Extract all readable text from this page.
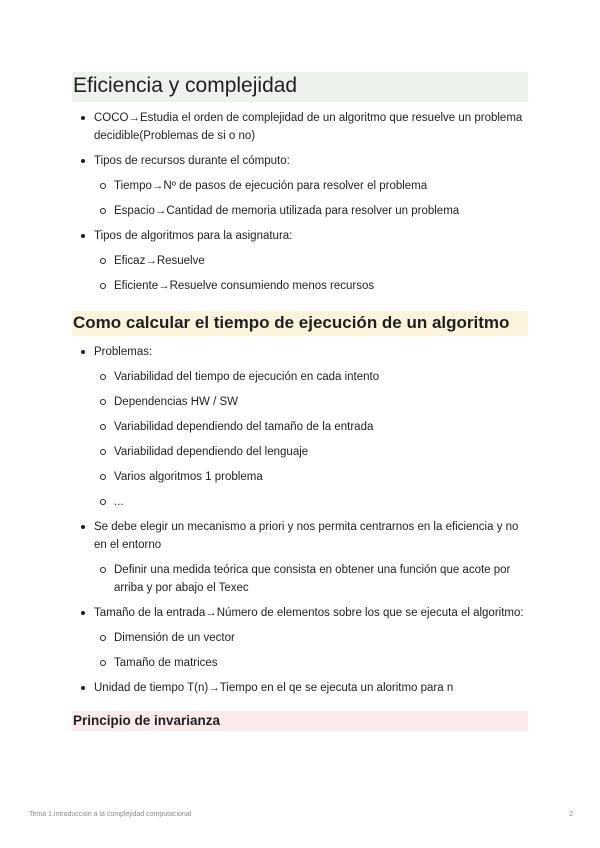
Eficiencia y complejidad
COCO→Estudia el orden de complejidad de un algoritmo que resuelve un problema decidible(Problemas de si o no)
Tipos de recursos durante el cómputo:
Tiempo→Nº de pasos de ejecución para resolver el problema
Espacio→Cantidad de memoria utilizada para resolver un problema
Tipos de algoritmos para la asignatura:
Eficaz→Resuelve
Eficiente→Resuelve consumiendo menos recursos
Como calcular el tiempo de ejecución de un algoritmo
Problemas:
Variabilidad del tiempo de ejecución en cada intento
Dependencias HW / SW
Variabilidad dependiendo del tamaño de la entrada
Variabilidad dependiendo del lenguaje
Varios algoritmos 1 problema
...
Se debe elegir un mecanismo a priori y nos permita centrarnos en la eficiencia y no en el entorno
Definir una medida teórica que consista en obtener una función que acote por arriba y por abajo el Texec
Tamaño de la entrada→Número de elementos sobre los que se ejecuta el algoritmo:
Dimensión de un vector
Tamaño de matrices
Unidad de tiempo T(n)→Tiempo en el qe se ejecuta un aloritmo para n
Principio de invarianza
Tema 1.introducción a la complejidad computacional	2
